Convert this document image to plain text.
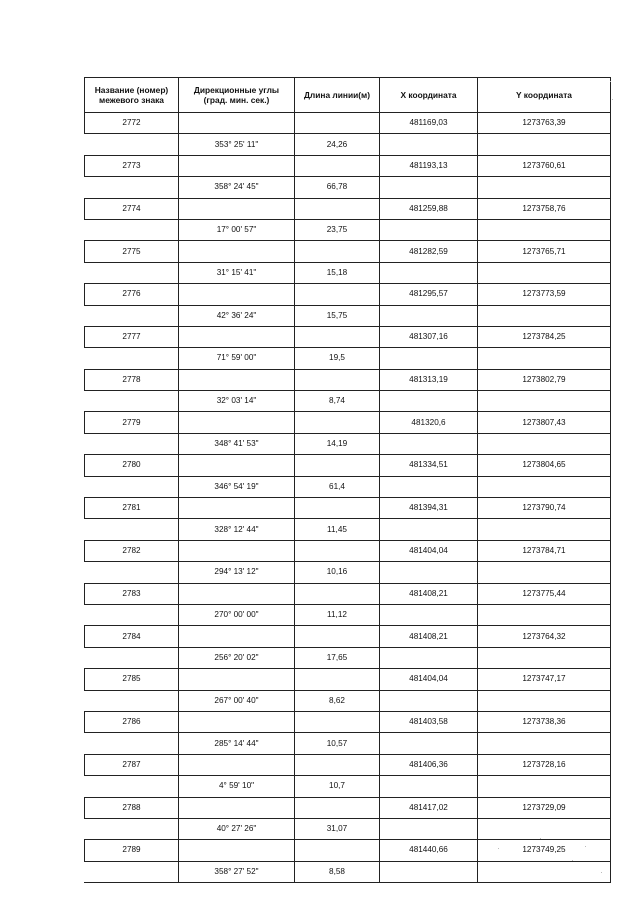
Название (номер)
межевого знака	Дирекционные углы
(град. мин. сек.)	Длина линии(м)	X координата	Y координата
2772			481169,03	1273763,39
	353° 25' 11"	24,26		
2773			481193,13	1273760,61
	358° 24' 45"	66,78		
2774			481259,88	1273758,76
	17° 00' 57"	23,75		
2775			481282,59	1273765,71
	31° 15' 41"	15,18		
2776			481295,57	1273773,59
	42° 36' 24"	15,75		
2777			481307,16	1273784,25
	71° 59' 00"	19,5		
2778			481313,19	1273802,79
	32° 03' 14"	8,74		
2779			481320,6	1273807,43
	348° 41' 53"	14,19		
2780			481334,51	1273804,65
	346° 54' 19"	61,4		
2781			481394,31	1273790,74
	328° 12' 44"	11,45		
2782			481404,04	1273784,71
	294° 13' 12"	10,16		
2783			481408,21	1273775,44
	270° 00' 00"	11,12		
2784			481408,21	1273764,32
	256° 20' 02"	17,65		
2785			481404,04	1273747,17
	267° 00' 40"	8,62		
2786			481403,58	1273738,36
	285° 14' 44"	10,57		
2787			481406,36	1273728,16
	4° 59' 10"	10,7		
2788			481417,02	1273729,09
	40° 27' 26"	31,07		
2789			481440,66	1273749,25
	358° 27' 52"	8,58		
